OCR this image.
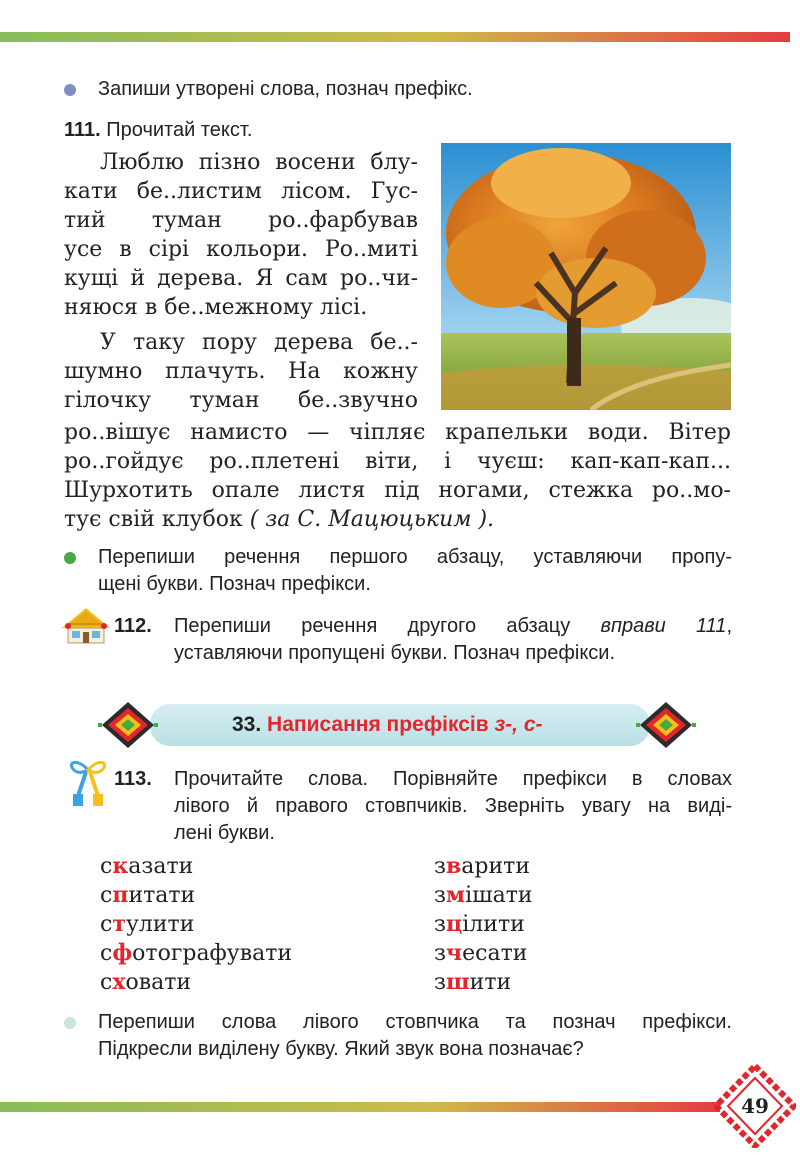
Запиши утворені слова, познач префікс.
111. Прочитай текст.
Люблю пізно восени блу-
кати бе..листим лісом. Гус-
тий туман ро..фарбував
усе в сірі кольори. Ро..миті
кущі й дерева. Я сам ро..чи-
няюся в бе..межному лісі.
У таку пору дерева бе..-
шумно плачуть. На кожну
гілочку туман бе..звучно
ро..вішує намисто — чіпляє крапельки води. Вітер
ро..гойдує ро..плетені віти, і чуєш: кап-кап-кап...
Шурхотить опале листя під ногами, стежка ро..мо-
тує свій клубок ( за С. Мацюцьким ).
Перепиши речення першого абзацу, уставляючи пропу-
щені букви. Познач префікси.
112. Перепиши речення другого абзацу вправи 111,
уставляючи пропущені букви. Познач префікси.
33. Написання префіксів з-, с-
113. Прочитайте слова. Порівняйте префікси в словах
лівого й правого стовпчиків. Зверніть увагу на виді-
лені букви.
сказати
спитати
стулити
сфотографувати
сховати
зварити
змішати
зцілити
зчесати
зшити
Перепиши слова лівого стовпчика та познач префікси.
Підкресли виділену букву. Який звук вона позначає?
49
